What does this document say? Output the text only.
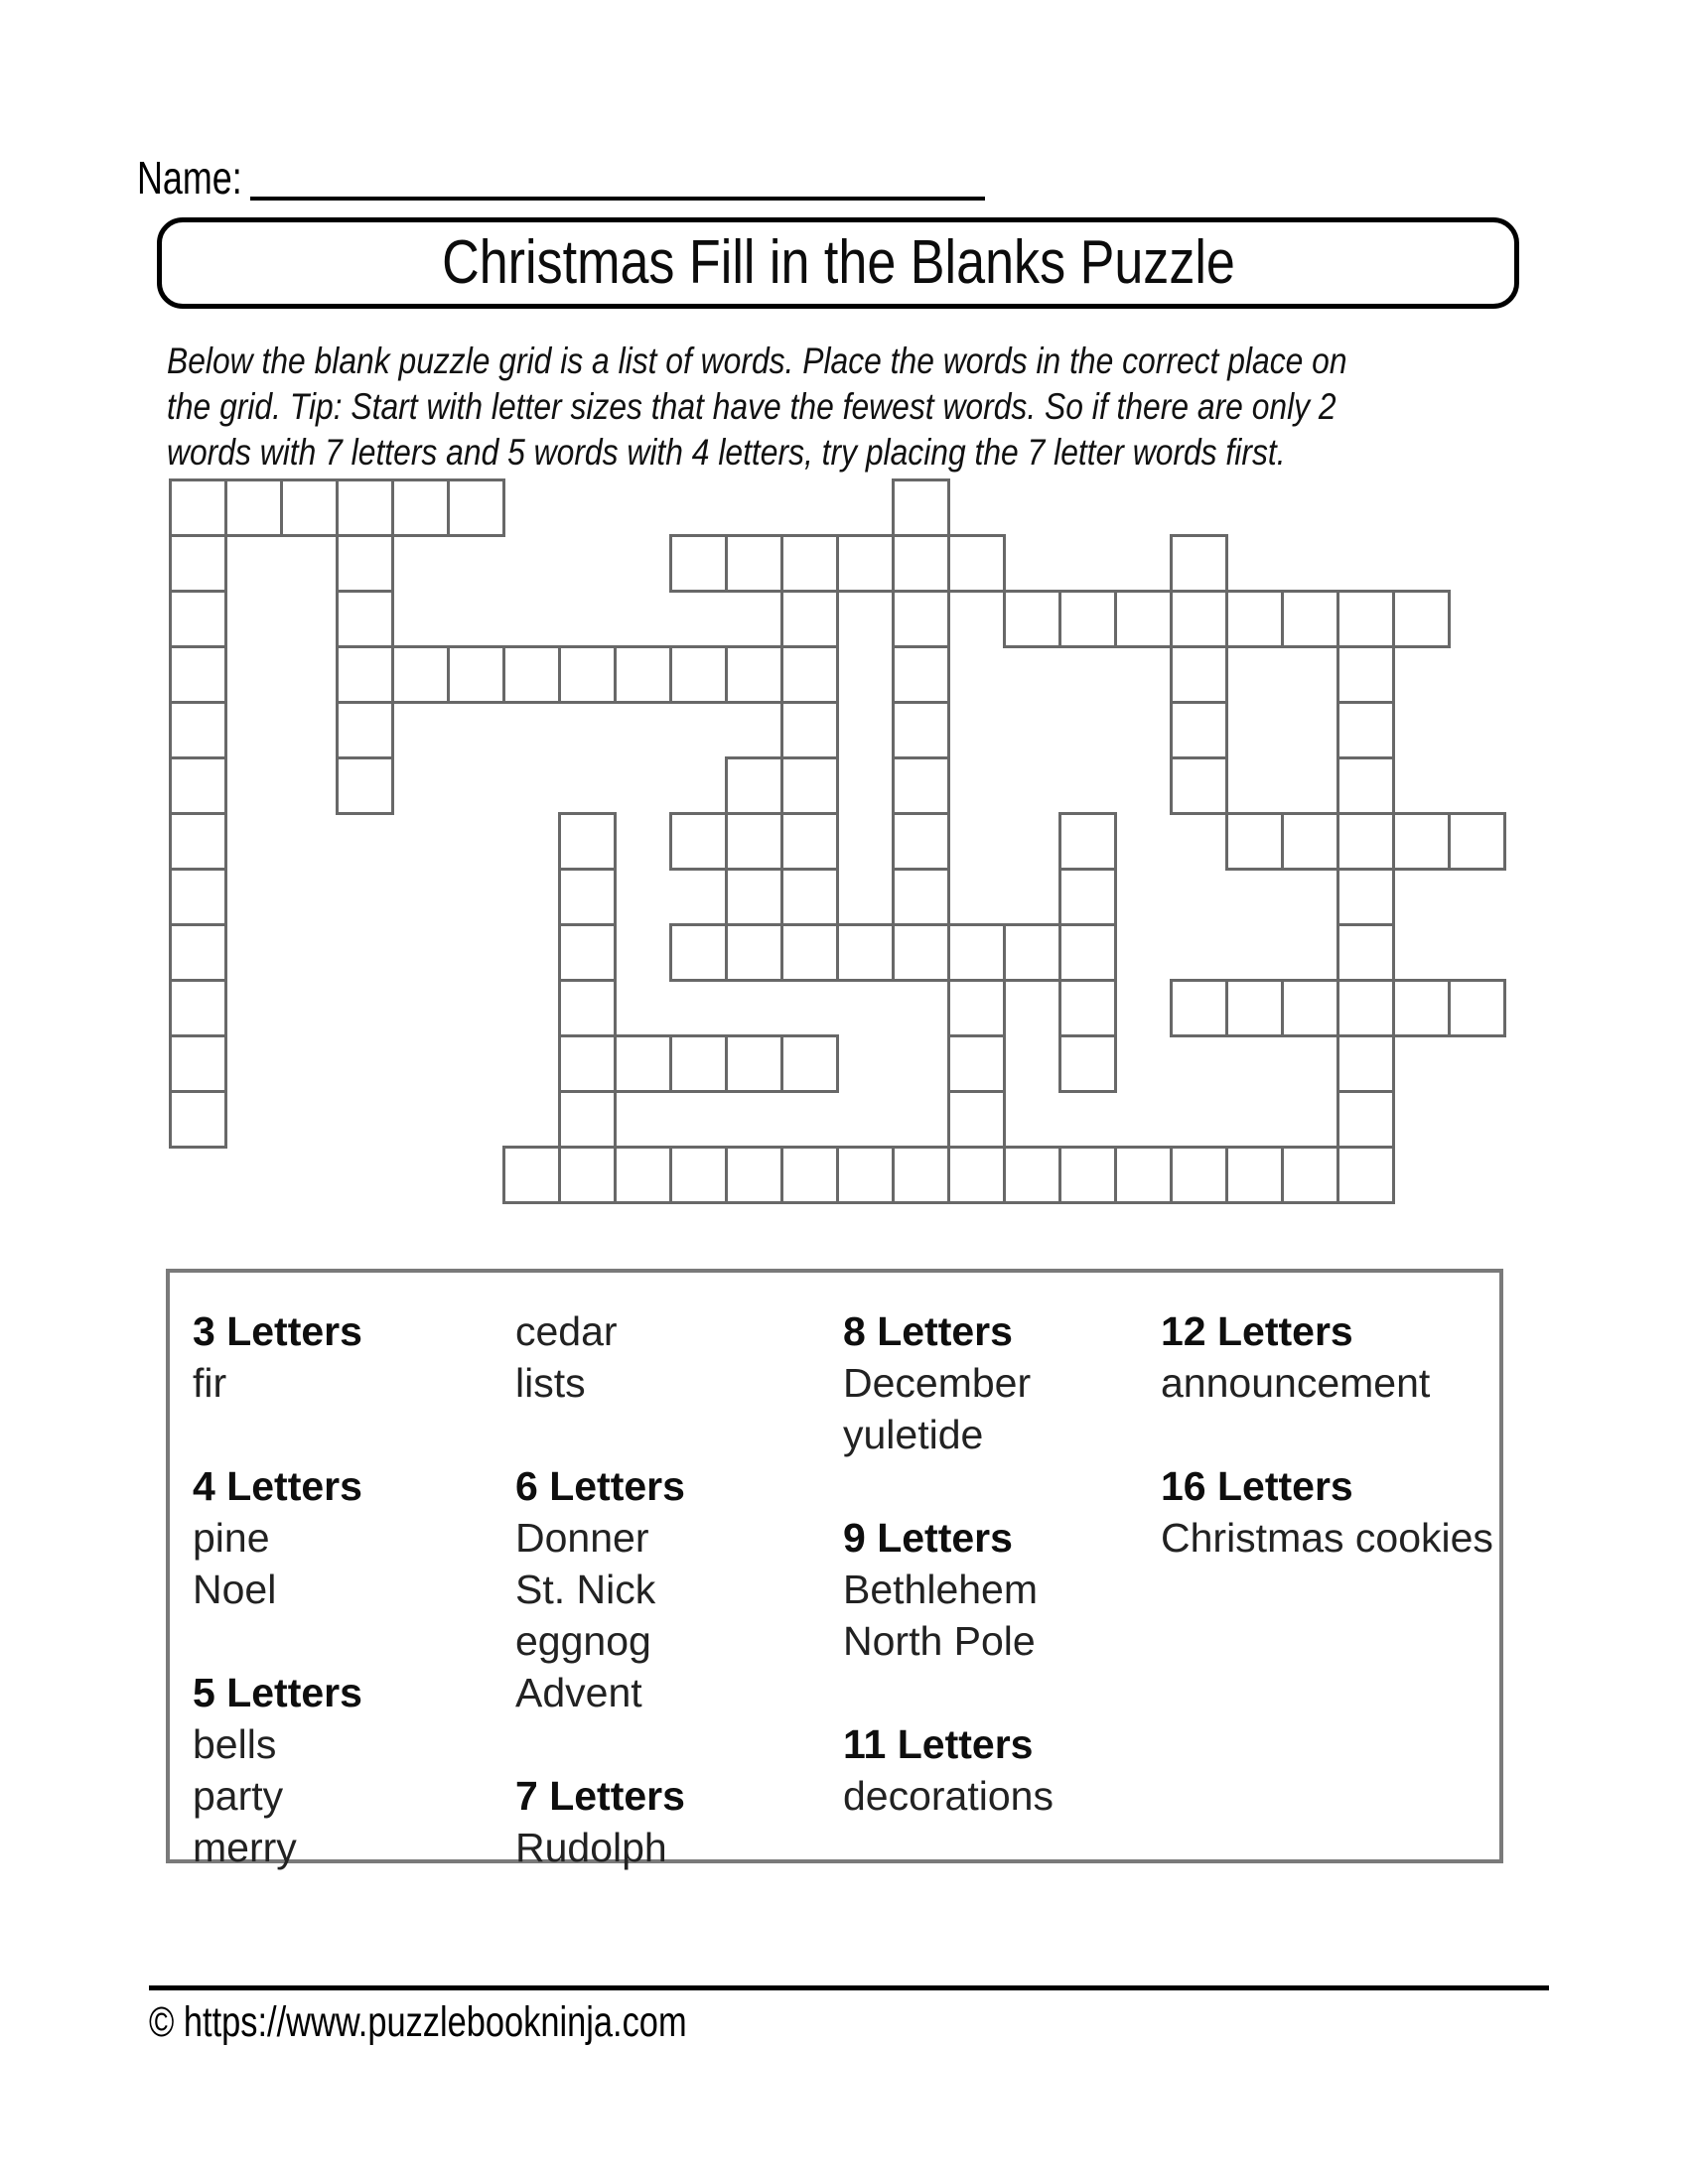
Name:
Christmas Fill in the Blanks Puzzle
Below the blank puzzle grid is a list of words. Place the words in the correct place on
the grid. Tip: Start with letter sizes that have the fewest words. So if there are only 2
words with 7 letters and 5 words with 4 letters, try placing the 7 letter words first.
3 Letters
fir
4 Letters
pine
Noel
5 Letters
bells
party
merry
cedar
lists
6 Letters
Donner
St. Nick
eggnog
Advent
7 Letters
Rudolph
8 Letters
December
yuletide
9 Letters
Bethlehem
North Pole
11 Letters
decorations
12 Letters
announcement
16 Letters
Christmas cookies
© https://www.puzzlebookninja.com
